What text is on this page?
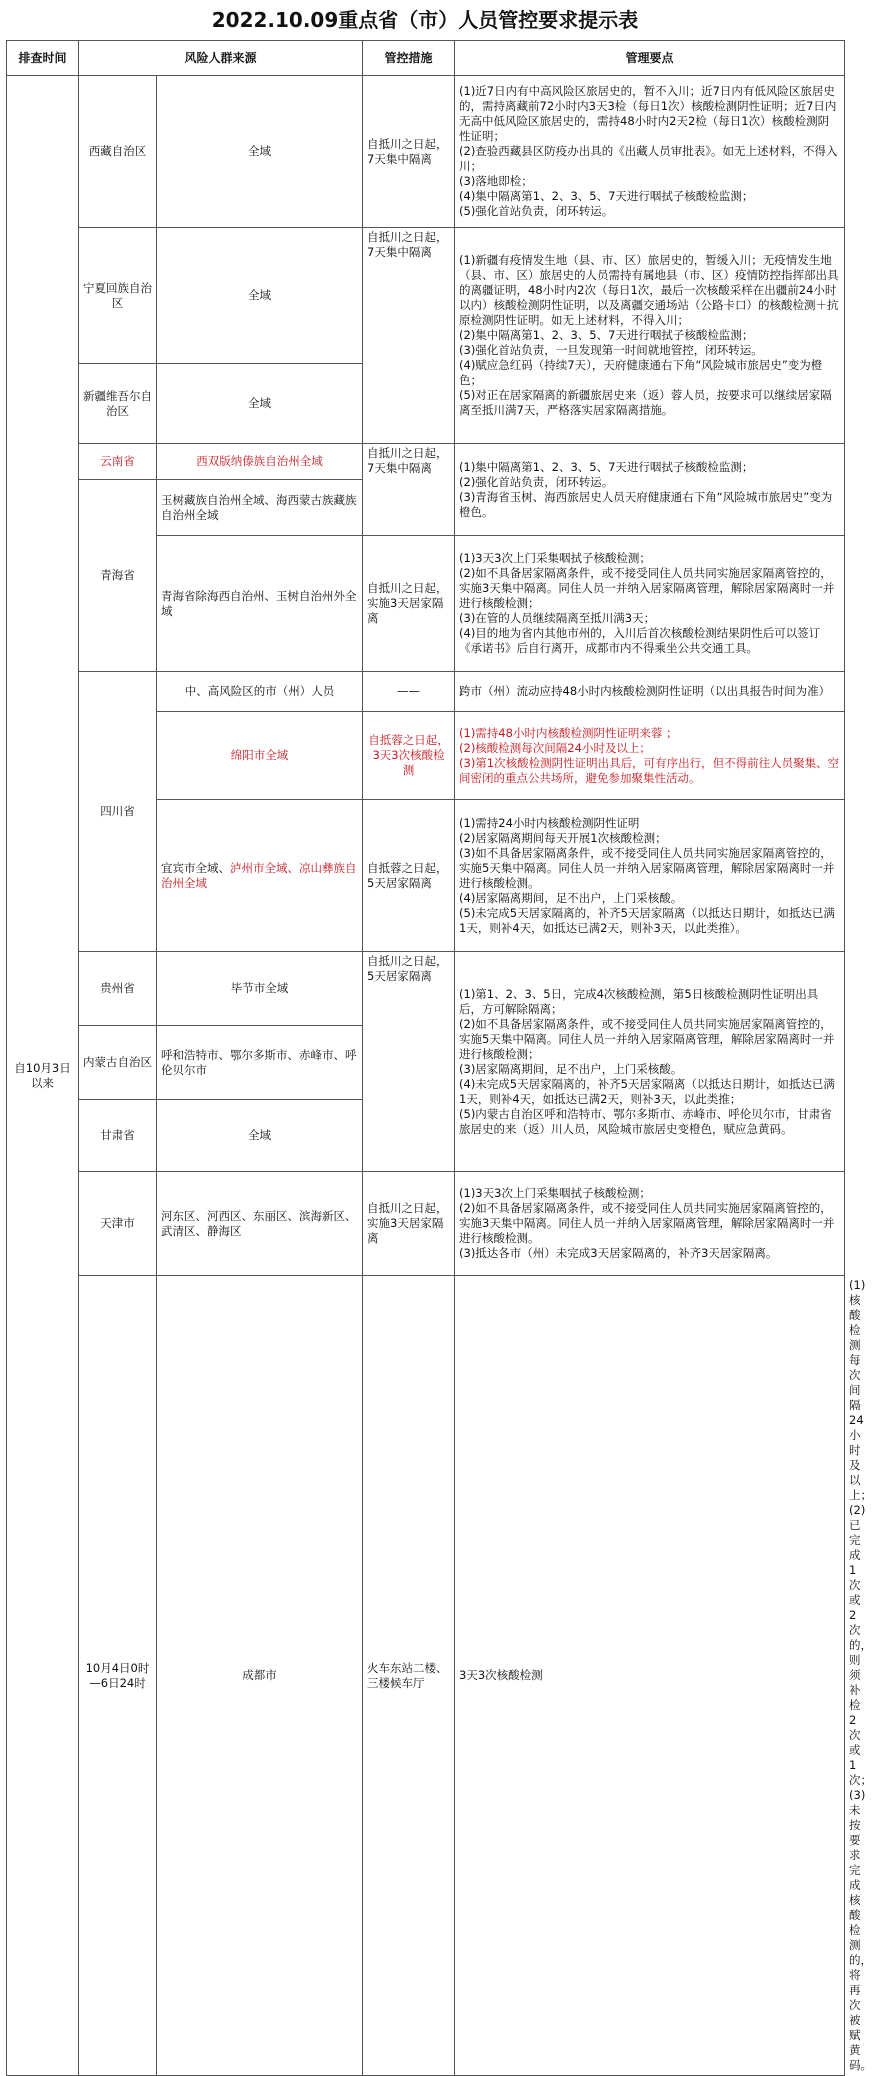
2022.10.09重点省（市）人员管控要求提示表
排查时间	风险人群来源		管控措施	管理要点	
自10月3日以来	西藏自治区	全域	自抵川之日起，7天集中隔离	(1)近7日内有中高风险区旅居史的，暂不入川；近7日内有低风险区旅居史的，需持离藏前72小时内3天3检（每日1次）核酸检测阴性证明；近7日内无高中低风险区旅居史的，需持48小时内2天2检（每日1次）核酸检测阴性证明；
(2)查验西藏县区防疫办出具的《出藏人员审批表》。如无上述材料，不得入川；
(3)落地即检；
(4)集中隔离第1、2、3、5、7天进行咽拭子核酸检监测；
(5)强化首站负责，闭环转运。	

	宁夏回族自治区	全域	自抵川之日起，7天集中隔离	(1)新疆有疫情发生地（县、市、区）旅居史的，暂缓入川；无疫情发生地（县、市、区）旅居史的人员需持有属地县（市、区）疫情防控指挥部出具的离疆证明，48小时内2次（每日1次，最后一次核酸采样在出疆前24小时以内）核酸检测阴性证明，以及离疆交通场站（公路卡口）的核酸检测＋抗原检测阴性证明。如无上述材料，不得入川；
(2)集中隔离第1、2、3、5、7天进行咽拭子核酸检监测；
(3)强化首站负责，一旦发现第一时间就地管控，闭环转运。
(4)赋应急红码（持续7天），天府健康通右下角“风险城市旅居史”变为橙色；
(5)对正在居家隔离的新疆旅居史来（返）蓉人员，按要求可以继续居家隔离至抵川满7天，严格落实居家隔离措施。	

	新疆维吾尔自治区	全域			
	云南省	西双版纳傣族自治州全域	自抵川之日起，7天集中隔离	(1)集中隔离第1、2、3、5、7天进行咽拭子核酸检监测；
(2)强化首站负责，闭环转运。
(3)青海省玉树、海西旅居史人员天府健康通右下角“风险城市旅居史”变为橙色。	

	青海省	玉树藏族自治州全域、海西蒙古族藏族自治州全域			
		青海省除海西自治州、玉树自治州外全域	自抵川之日起，实施3天居家隔离	(1)3天3次上门采集咽拭子核酸检测；
(2)如不具备居家隔离条件，或不接受同住人员共同实施居家隔离管控的，实施3天集中隔离。同住人员一并纳入居家隔离管理，解除居家隔离时一并进行核酸检测；
(3)在管的人员继续隔离至抵川满3天；
(4)目的地为省内其他市州的，入川后首次核酸检测结果阴性后可以签订《承诺书》后自行离开，成都市内不得乘坐公共交通工具。	

	四川省	中、高风险区的市（州）人员	——	跨市（州）流动应持48小时内核酸检测阴性证明（以出具报告时间为准）	
		绵阳市全域	自抵蓉之日起，3天3次核酸检测	(1)需持48小时内核酸检测阴性证明来蓉 ；
(2)核酸检测每次间隔24小时及以上；
(3)第1次核酸检测阴性证明出具后，可有序出行，但不得前往人员聚集、空间密闭的重点公共场所，避免参加聚集性活动。	

		宜宾市全域、泸州市全域、凉山彝族自治州全域	自抵蓉之日起，5天居家隔离	(1)需持24小时内核酸检测阴性证明
(2)居家隔离期间每天开展1次核酸检测；
(3)如不具备居家隔离条件，或不接受同住人员共同实施居家隔离管控的，实施5天集中隔离。同住人员一并纳入居家隔离管理，解除居家隔离时一并进行核酸检测。
(4)居家隔离期间，足不出户，上门采核酸。
(5)未完成5天居家隔离的，补齐5天居家隔离（以抵达日期计，如抵达已满1天，则补4天，如抵达已满2天，则补3天，以此类推）。	

	贵州省	毕节市全域	自抵川之日起，5天居家隔离	(1)第1、2、3、5日，完成4次核酸检测，第5日核酸检测阴性证明出具后，方可解除隔离；
(2)如不具备居家隔离条件，或不接受同住人员共同实施居家隔离管控的，实施5天集中隔离。同住人员一并纳入居家隔离管理，解除居家隔离时一并进行核酸检测；
(3)居家隔离期间，足不出户，上门采核酸。
(4)未完成5天居家隔离的，补齐5天居家隔离（以抵达日期计，如抵达已满1天，则补4天，如抵达已满2天，则补3天，以此类推；
(5)内蒙古自治区呼和浩特市、鄂尔多斯市、赤峰市、呼伦贝尔市，甘肃省旅居史的来（返）川人员，风险城市旅居史变橙色，赋应急黄码。	

	内蒙古自治区	呼和浩特市、鄂尔多斯市、赤峰市、呼伦贝尔市			
	甘肃省	全域			
	天津市	河东区、河西区、东丽区、滨海新区、武清区、静海区	自抵川之日起，实施3天居家隔离	(1)3天3次上门采集咽拭子核酸检测；
(2)如不具备居家隔离条件，或不接受同住人员共同实施居家隔离管控的，实施3天集中隔离。同住人员一并纳入居家隔离管理，解除居家隔离时一并进行核酸检测。
(3)抵达各市（州）未完成3天居家隔离的，补齐3天居家隔离。	

	10月4日0时—6日24时	成都市	火车东站二楼、三楼候车厅	3天3次核酸检测	(1)核酸检测每次间隔24小时及以上；
(2)已完成1次或2次的，则须补检2次或1次；
(3)未按要求完成核酸检测的，将再次被赋黄码。
